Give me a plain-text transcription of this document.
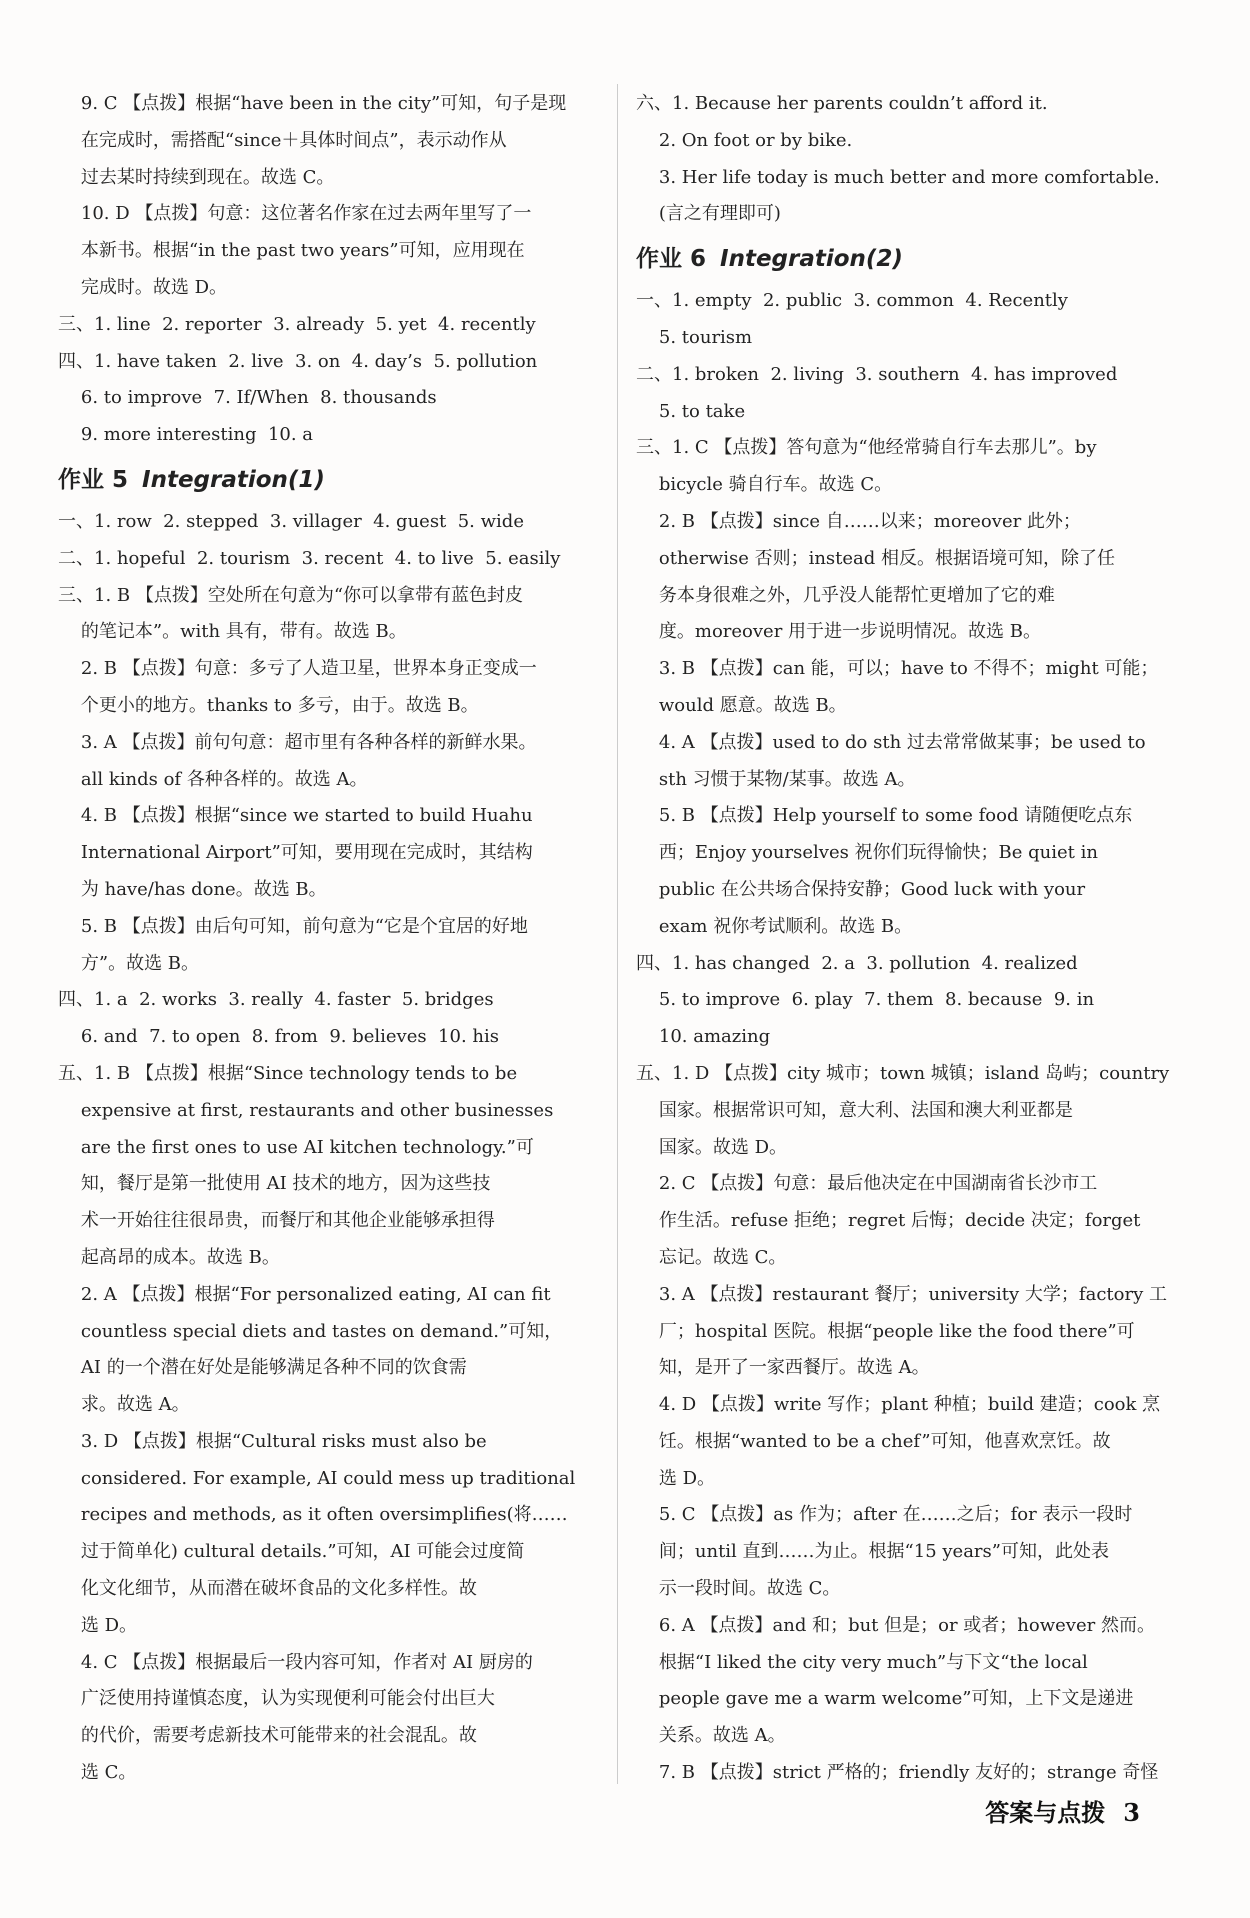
9. C 【点拨】根据“have been in the city”可知，句子是现
在完成时，需搭配“since＋具体时间点”，表示动作从
过去某时持续到现在。故选 C。
10. D 【点拨】句意：这位著名作家在过去两年里写了一
本新书。根据“in the past two years”可知，应用现在
完成时。故选 D。
三、1. line  2. reporter  3. already  5. yet  4. recently
四、1. have taken  2. live  3. on  4. day’s  5. pollution
6. to improve  7. If/When  8. thousands
9. more interesting  10. a
作业 5 Integration(1)
一、1. row  2. stepped  3. villager  4. guest  5. wide
二、1. hopeful  2. tourism  3. recent  4. to live  5. easily
三、1. B 【点拨】空处所在句意为“你可以拿带有蓝色封皮
的笔记本”。with 具有，带有。故选 B。
2. B 【点拨】句意：多亏了人造卫星，世界本身正变成一
个更小的地方。thanks to 多亏，由于。故选 B。
3. A 【点拨】前句句意：超市里有各种各样的新鲜水果。
all kinds of 各种各样的。故选 A。
4. B 【点拨】根据“since we started to build Huahu
International Airport”可知，要用现在完成时，其结构
为 have/has done。故选 B。
5. B 【点拨】由后句可知，前句意为“它是个宜居的好地
方”。故选 B。
四、1. a  2. works  3. really  4. faster  5. bridges
6. and  7. to open  8. from  9. believes  10. his
五、1. B 【点拨】根据“Since technology tends to be
expensive at first, restaurants and other businesses
are the first ones to use AI kitchen technology.”可
知，餐厅是第一批使用 AI 技术的地方，因为这些技
术一开始往往很昂贵，而餐厅和其他企业能够承担得
起高昂的成本。故选 B。
2. A 【点拨】根据“For personalized eating, AI can fit
countless special diets and tastes on demand.”可知，
AI 的一个潜在好处是能够满足各种不同的饮食需
求。故选 A。
3. D 【点拨】根据“Cultural risks must also be
considered. For example, AI could mess up traditional
recipes and methods, as it often oversimplifies(将……
过于简单化) cultural details.”可知，AI 可能会过度简
化文化细节，从而潜在破坏食品的文化多样性。故
选 D。
4. C 【点拨】根据最后一段内容可知，作者对 AI 厨房的
广泛使用持谨慎态度，认为实现便利可能会付出巨大
的代价，需要考虑新技术可能带来的社会混乱。故
选 C。
六、1. Because her parents couldn’t afford it.
2. On foot or by bike.
3. Her life today is much better and more comfortable.
(言之有理即可)
作业 6 Integration(2)
一、1. empty  2. public  3. common  4. Recently
5. tourism
二、1. broken  2. living  3. southern  4. has improved
5. to take
三、1. C 【点拨】答句意为“他经常骑自行车去那儿”。by
bicycle 骑自行车。故选 C。
2. B 【点拨】since 自……以来；moreover 此外；
otherwise 否则；instead 相反。根据语境可知，除了任
务本身很难之外，几乎没人能帮忙更增加了它的难
度。moreover 用于进一步说明情况。故选 B。
3. B 【点拨】can 能，可以；have to 不得不；might 可能；
would 愿意。故选 B。
4. A 【点拨】used to do sth 过去常常做某事；be used to
sth 习惯于某物/某事。故选 A。
5. B 【点拨】Help yourself to some food 请随便吃点东
西；Enjoy yourselves 祝你们玩得愉快；Be quiet in
public 在公共场合保持安静；Good luck with your
exam 祝你考试顺利。故选 B。
四、1. has changed  2. a  3. pollution  4. realized
5. to improve  6. play  7. them  8. because  9. in
10. amazing
五、1. D 【点拨】city 城市；town 城镇；island 岛屿；country
国家。根据常识可知，意大利、法国和澳大利亚都是
国家。故选 D。
2. C 【点拨】句意：最后他决定在中国湖南省长沙市工
作生活。refuse 拒绝；regret 后悔；decide 决定；forget
忘记。故选 C。
3. A 【点拨】restaurant 餐厅；university 大学；factory 工
厂；hospital 医院。根据“people like the food there”可
知，是开了一家西餐厅。故选 A。
4. D 【点拨】write 写作；plant 种植；build 建造；cook 烹
饪。根据“wanted to be a chef”可知，他喜欢烹饪。故
选 D。
5. C 【点拨】as 作为；after 在……之后；for 表示一段时
间；until 直到……为止。根据“15 years”可知，此处表
示一段时间。故选 C。
6. A 【点拨】and 和；but 但是；or 或者；however 然而。
根据“I liked the city very much”与下文“the local
people gave me a warm welcome”可知，上下文是递进
关系。故选 A。
7. B 【点拨】strict 严格的；friendly 友好的；strange 奇怪
答案与点拨 3
